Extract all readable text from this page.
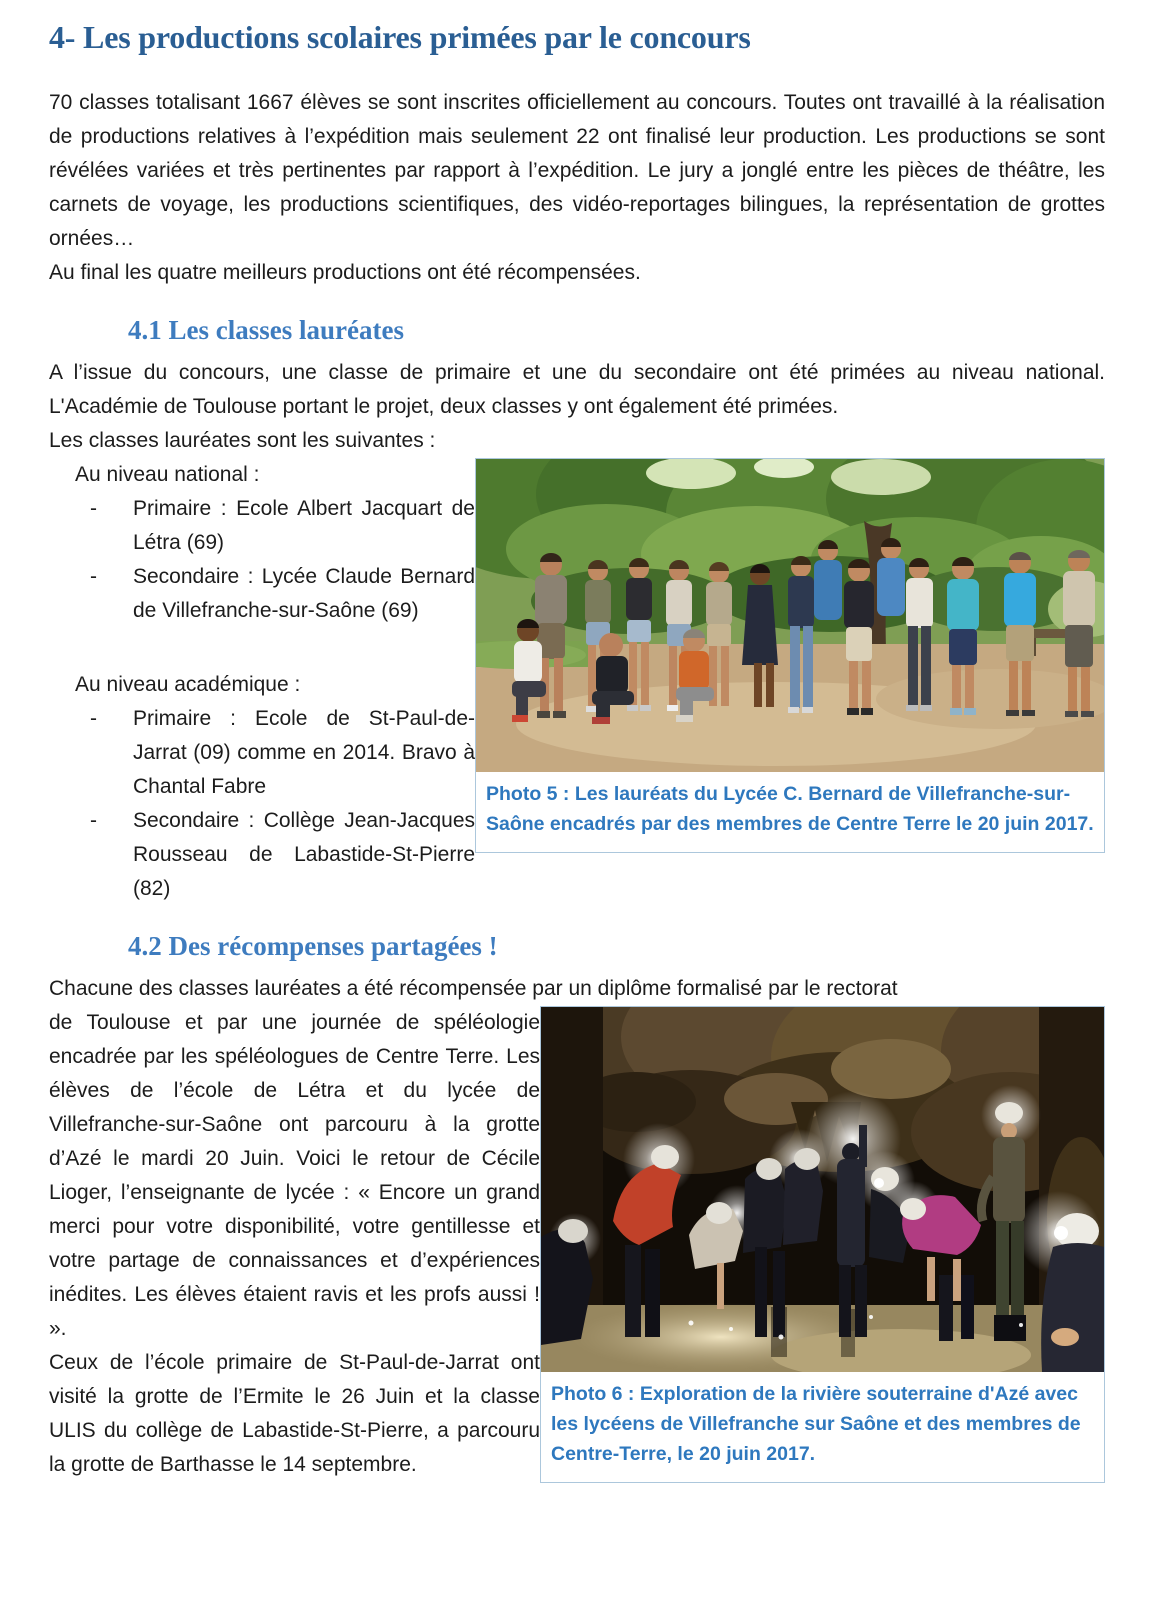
4- Les productions scolaires primées par le concours

70 classes totalisant 1667 élèves se sont inscrites officiellement au concours. Toutes ont travaillé à la réalisation de productions relatives à l’expédition mais seulement 22 ont finalisé leur production. Les productions se sont révélées variées et très pertinentes par rapport à l’expédition. Le jury a jonglé entre les pièces de théâtre, les carnets de voyage, les productions scientifiques, des vidéo-reportages bilingues, la représentation de grottes ornées…

Au final les quatre meilleurs productions ont été récompensées.

4.1 Les classes lauréates

A l’issue du concours, une classe de primaire et une du secondaire ont été primées au niveau national. L'Académie de Toulouse portant le projet, deux classes y ont également été primées.

Les classes lauréates sont les suivantes :

Photo 5 : Les lauréats du Lycée C. Bernard de Villefranche-sur-Saône encadrés par des membres de Centre Terre le 20 juin 2017.
Au niveau national :
- Primaire : Ecole Albert Jacquart de Létra (69)
- Secondaire : Lycée Claude Bernard de Villefranche-sur-Saône (69)
Au niveau académique :
- Primaire : Ecole de St-Paul-de-Jarrat (09) comme en 2014. Bravo à Chantal Fabre
- Secondaire : Collège Jean-Jacques Rousseau de Labastide-St-Pierre (82)
4.2 Des récompenses partagées !

Chacune des classes lauréates a été récompensée par un diplôme formalisé par le rectorat

Photo 6 : Exploration de la rivière souterraine d'Azé avec les lycéens de Villefranche sur Saône et des membres de Centre-Terre, le 20 juin 2017.

de Toulouse et par une journée de spéléologie encadrée par les spéléologues de Centre Terre. Les élèves de l’école de Létra et du lycée de Villefranche-sur-Saône ont parcouru à la grotte d’Azé le mardi 20 Juin. Voici le retour de Cécile Lioger, l’enseignante de lycée : « Encore un grand merci pour votre disponibilité, votre gentillesse et votre partage de connaissances et d’expériences inédites. Les élèves étaient ravis et les profs aussi ! ».

Ceux de l’école primaire de St-Paul-de-Jarrat ont visité la grotte de l’Ermite le 26 Juin et la classe ULIS du collège de Labastide-St-Pierre, a parcouru la grotte de Barthasse le 14 septembre.
